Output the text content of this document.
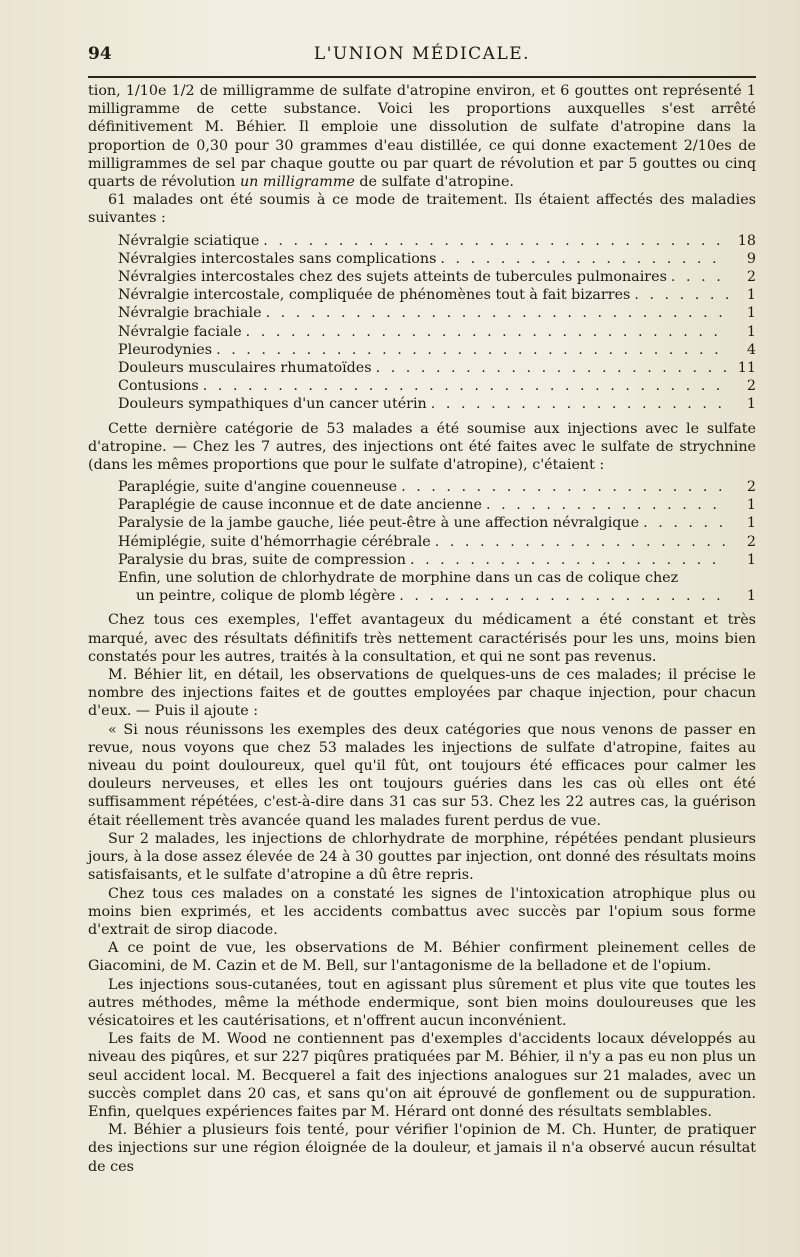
94	L'UNION MÉDICALE.

tion, 1/10e 1/2 de milligramme de sulfate d'atropine environ, et 6 gouttes ont représenté 1 milligramme de cette substance. Voici les proportions auxquelles s'est arrêté définitivement M. Béhier. Il emploie une dissolution de sulfate d'atropine dans la proportion de 0,30 pour 30 grammes d'eau distillée, ce qui donne exactement 2/10es de milligrammes de sel par chaque goutte ou par quart de révolution et par 5 gouttes ou cinq quarts de révolution un milligramme de sulfate d'atropine.

61 malades ont été soumis à ce mode de traitement. Ils étaient affectés des maladies suivantes :

Névralgie sciatique . . .	18
Névralgies intercostales sans complications . . .	9
Névralgies intercostales chez des sujets atteints de tubercules pulmonaires . . .	2
Névralgie intercostale, compliquée de phénomènes tout à fait bizarres . . .	1
Névralgie brachiale . . .	1
Névralgie faciale . . .	1
Pleurodynies . . .	4
Douleurs musculaires rhumatoïdes . . .	11
Contusions . . .	2
Douleurs sympathiques d'un cancer utérin . . .	1

Cette dernière catégorie de 53 malades a été soumise aux injections avec le sulfate d'atropine. — Chez les 7 autres, des injections ont été faites avec le sulfate de strychnine (dans les mêmes proportions que pour le sulfate d'atropine), c'étaient :

Paraplégie, suite d'angine couenneuse . . .	2
Paraplégie de cause inconnue et de date ancienne . . .	1
Paralysie de la jambe gauche, liée peut-être à une affection névralgique . . .	1
Hémiplégie, suite d'hémorrhagie cérébrale . . .	2
Paralysie du bras, suite de compression . . .	1
Enfin, une solution de chlorhydrate de morphine dans un cas de colique chez
un peintre, colique de plomb légère . . .	1

Chez tous ces exemples, l'effet avantageux du médicament a été constant et très marqué, avec des résultats définitifs très nettement caractérisés pour les uns, moins bien constatés pour les autres, traités à la consultation, et qui ne sont pas revenus.

M. Béhier lit, en détail, les observations de quelques-uns de ces malades; il précise le nombre des injections faites et de gouttes employées par chaque injection, pour chacun d'eux. — Puis il ajoute :

« Si nous réunissons les exemples des deux catégories que nous venons de passer en revue, nous voyons que chez 53 malades les injections de sulfate d'atropine, faites au niveau du point douloureux, quel qu'il fût, ont toujours été efficaces pour calmer les douleurs nerveuses, et elles les ont toujours guéries dans les cas où elles ont été suffisamment répétées, c'est-à-dire dans 31 cas sur 53. Chez les 22 autres cas, la guérison était réellement très avancée quand les malades furent perdus de vue.

Sur 2 malades, les injections de chlorhydrate de morphine, répétées pendant plusieurs jours, à la dose assez élevée de 24 à 30 gouttes par injection, ont donné des résultats moins satisfaisants, et le sulfate d'atropine a dû être repris.

Chez tous ces malades on a constaté les signes de l'intoxication atrophique plus ou moins bien exprimés, et les accidents combattus avec succès par l'opium sous forme d'extrait de sirop diacode.

A ce point de vue, les observations de M. Béhier confirment pleinement celles de Giacomini, de M. Cazin et de M. Bell, sur l'antagonisme de la belladone et de l'opium.

Les injections sous-cutanées, tout en agissant plus sûrement et plus vite que toutes les autres méthodes, même la méthode endermique, sont bien moins douloureuses que les vésicatoires et les cautérisations, et n'offrent aucun inconvénient.

Les faits de M. Wood ne contiennent pas d'exemples d'accidents locaux développés au niveau des piqûres, et sur 227 piqûres pratiquées par M. Béhier, il n'y a pas eu non plus un seul accident local. M. Becquerel a fait des injections analogues sur 21 malades, avec un succès complet dans 20 cas, et sans qu'on ait éprouvé de gonflement ou de suppuration. Enfin, quelques expériences faites par M. Hérard ont donné des résultats semblables.

M. Béhier a plusieurs fois tenté, pour vérifier l'opinion de M. Ch. Hunter, de pratiquer des injections sur une région éloignée de la douleur, et jamais il n'a observé aucun résultat de ces
